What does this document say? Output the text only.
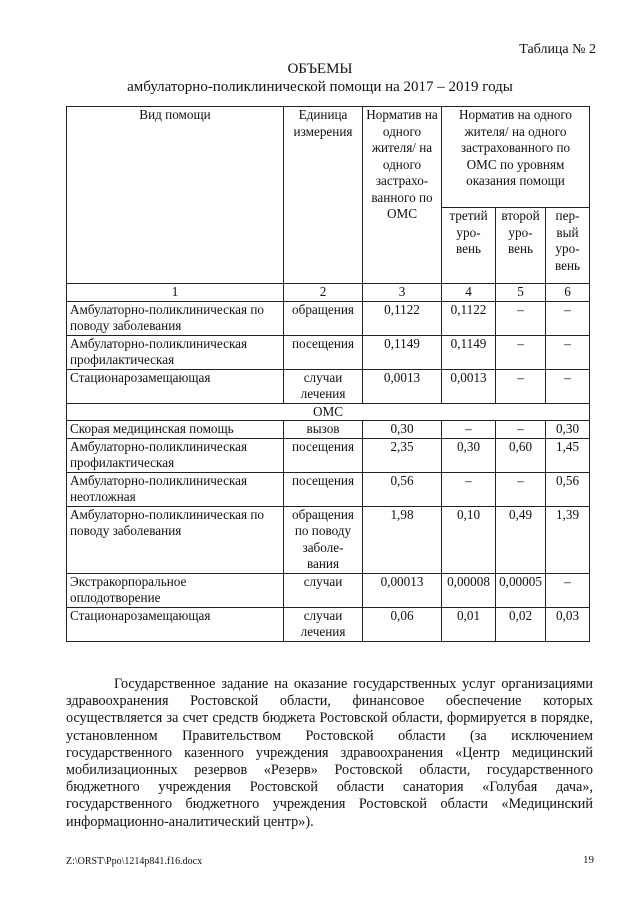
Таблица № 2
ОБЪЕМЫ
амбулаторно-поликлинической помощи на 2017 – 2019 годы
Вид помощи	Единица измерения	Норматив на одного жителя/ на одного застрахо-ванного по ОМС	Норматив на одного жителя/ на одного застрахованного по ОМС по уровням оказания помощи		
			третий уро-вень	второй уро-вень	пер-вый уро-вень
1	2	3	4	5	6
Амбулаторно-поликлиническая по поводу заболевания	обращения	0,1122	0,1122	–	–
Амбулаторно-поликлиническая профилактическая	посещения	0,1149	0,1149	–	–
Стационарозамещающая	случаи лечения	0,0013	0,0013	–	–
ОМС					
Скорая медицинская помощь	вызов	0,30	–	–	0,30
Амбулаторно-поликлиническая профилактическая	посещения	2,35	0,30	0,60	1,45
Амбулаторно-поликлиническая неотложная	посещения	0,56	–	–	0,56
Амбулаторно-поликлиническая по поводу заболевания	обращения по поводу заболе-вания	1,98	0,10	0,49	1,39
Экстракорпоральное оплодотворение	случаи	0,00013	0,00008	0,00005	–
Стационарозамещающая	случаи лечения	0,06	0,01	0,02	0,03

Государственное задание на оказание государственных услуг организациями здравоохранения Ростовской области, финансовое обеспечение которых осуществляется за счет средств бюджета Ростовской области, формируется в порядке, установленном Правительством Ростовской области (за исключением государственного казенного учреждения здравоохранения «Центр медицинский мобилизационных резервов «Резерв» Ростовской области, государственного бюджетного учреждения Ростовской области санатория «Голубая дача», государственного бюджетного учреждения Ростовской области «Медицинский информационно-аналитический центр»).

Z:\ORST\Ppo\1214p841.f16.docx	19
